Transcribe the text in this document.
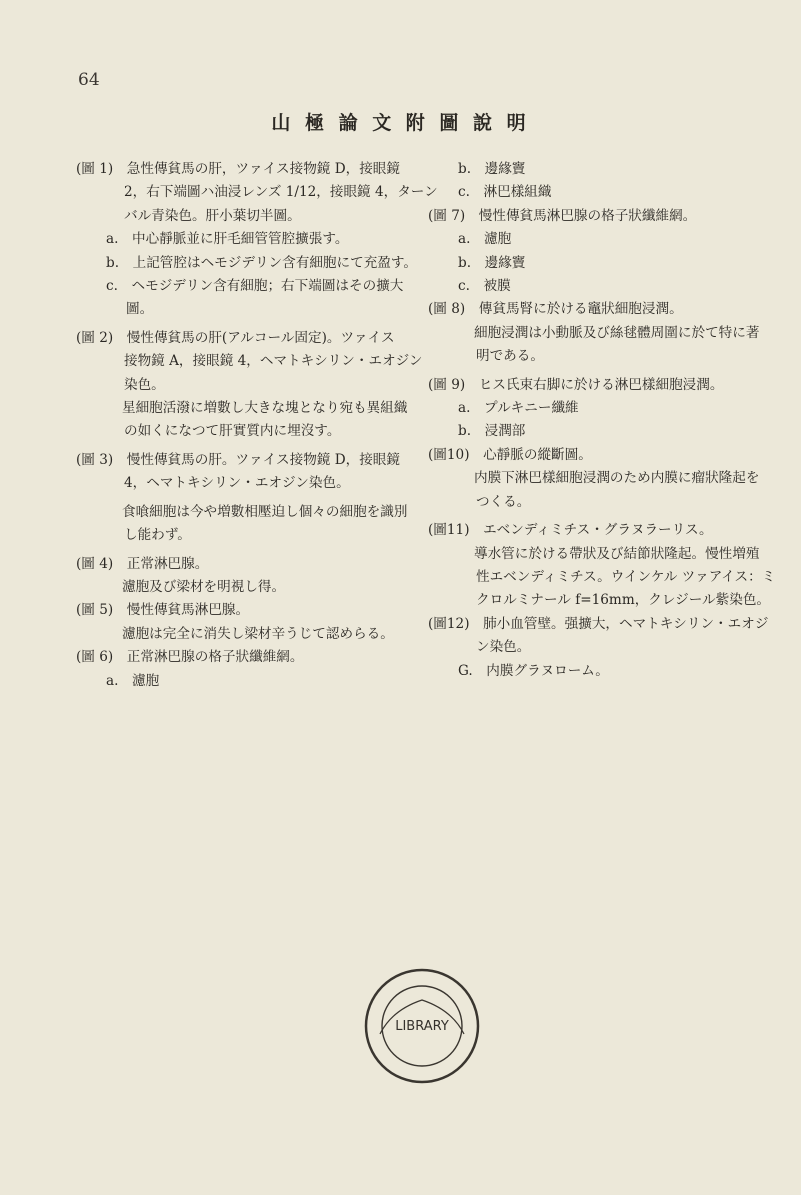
64
山 極 論 文 附 圖 說 明
(圖 1)　急性傳貧馬の肝，ツァイス接物鏡 D，接眼鏡
2，右下端圖ハ油浸レンズ 1/12，接眼鏡 4，ターン
バル青染色。肝小葉切半圖。
a.　中心靜脈並に肝毛細管管腔擴張す。
b.　上記管腔はヘモジデリン含有細胞にて充盈す。
c.　ヘモジデリン含有細胞；右下端圖はその擴大
圖。
(圖 2)　慢性傳貧馬の肝(アルコール固定)。ツァイス
接物鏡 A，接眼鏡 4，ヘマトキシリン・エオジン
染色。
星細胞活潑に増數し大きな塊となり宛も異組織
の如くになつて肝實質内に埋沒す。
(圖 3)　慢性傳貧馬の肝。ツァイス接物鏡 D，接眼鏡
4，ヘマトキシリン・エオジン染色。
食喰細胞は今や増數相壓迫し個々の細胞を識別
し能わず。
(圖 4)　正常淋巴腺。
濾胞及び梁材を明視し得。
(圖 5)　慢性傳貧馬淋巴腺。
濾胞は完全に消失し梁材辛うじて認めらる。
(圖 6)　正常淋巴腺の格子狀纖維網。
a.　濾胞
b.　邊緣竇
c.　淋巴樣組織
(圖 7)　慢性傳貧馬淋巴腺の格子狀纖維網。
a.　濾胞
b.　邊緣竇
c.　被膜
(圖 8)　傳貧馬腎に於ける竈狀細胞浸潤。
細胞浸潤は小動脈及び絲毬體周圍に於て特に著
明である。
(圖 9)　ヒス氏束右脚に於ける淋巴樣細胞浸潤。
a.　プルキニー纖維
b.　浸潤部
(圖10)　心靜脈の縱斷圖。
内膜下淋巴樣細胞浸潤のため内膜に瘤狀隆起を
つくる。
(圖11)　エベンディミチス・グラヌラーリス。
導水管に於ける帶狀及び結節狀隆起。慢性増殖
性エベンディミチス。ウインケル ツァアイス：ミ
クロルミナール f=16mm，クレジール紫染色。
(圖12)　肺小血管壁。强擴大，ヘマトキシリン・エオジ
ン染色。
G.　内膜グラヌローム。
LIBRARY
